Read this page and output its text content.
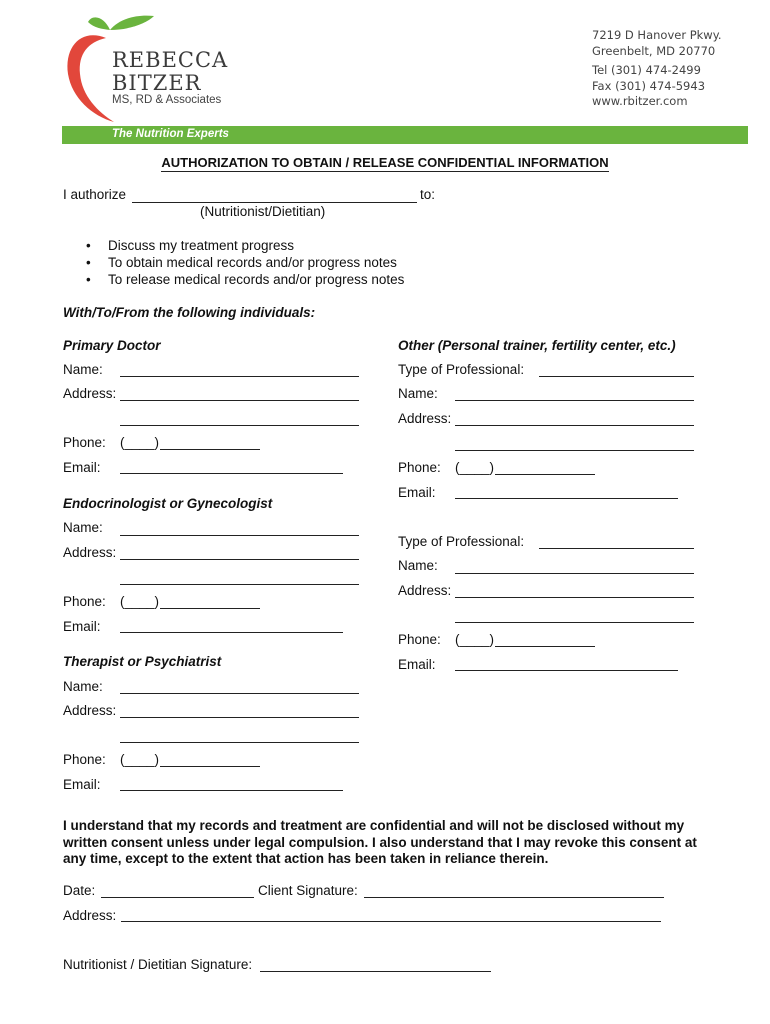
REBECCA
BITZER
MS, RD & Associates
7219 D Hanover Pkwy.
Greenbelt, MD 20770
Tel (301) 474-2499
Fax (301) 474-5943
www.rbitzer.com
The Nutrition Experts
AUTHORIZATION TO OBTAIN / RELEASE CONFIDENTIAL INFORMATION
I authorize	to:
(Nutritionist/Dietitian)
• Discuss my treatment progress
• To obtain medical records and/or progress notes
• To release medical records and/or progress notes
With/To/From the following individuals:
Primary Doctor
Name:
Address:
Phone: (____)
Email:
Endocrinologist or Gynecologist
Name:
Address:
Phone: (____)
Email:
Therapist or Psychiatrist
Name:
Address:
Phone: (____)
Email:
Other (Personal trainer, fertility center, etc.)
Type of Professional:
Name:
Address:
Phone: (____)
Email:
Type of Professional:
Name:
Address:
Phone: (____)
Email:
I understand that my records and treatment are confidential and will not be disclosed without my written consent unless under legal compulsion. I also understand that I may revoke this consent at any time, except to the extent that action has been taken in reliance therein.
Date:	Client Signature:
Address:
Nutritionist / Dietitian Signature:
